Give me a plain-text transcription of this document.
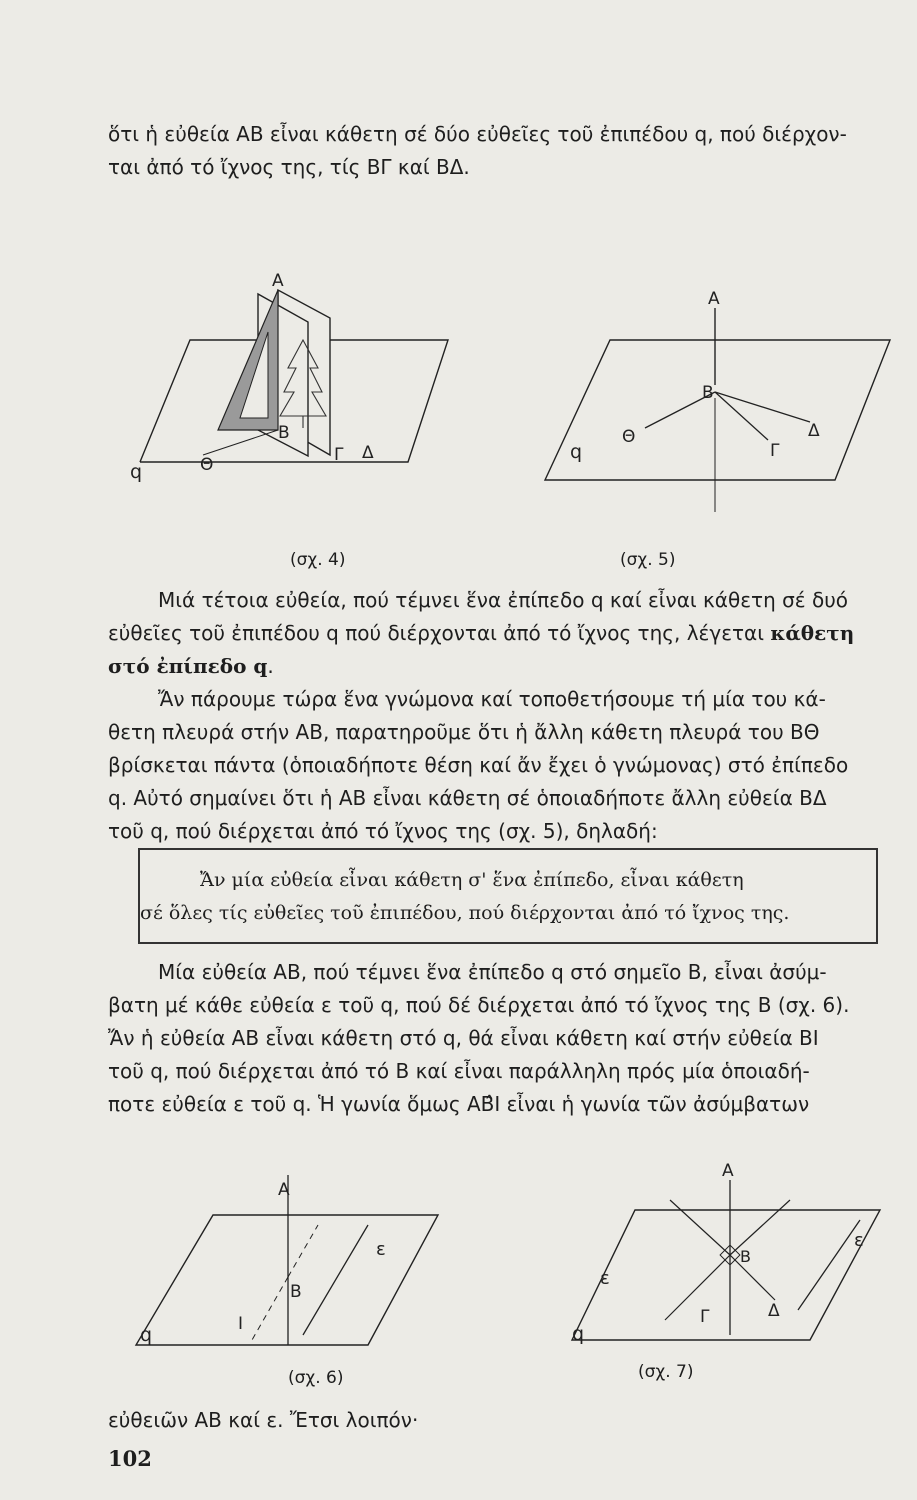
ὅτι ἡ εὐθεία ΑΒ εἶναι κάθετη σέ δύο εὐθεῖες τοῦ ἐπιπέδου q, πού διέρχον-
ται ἀπό τό ἴχνος της, τίς ΒΓ καί ΒΔ.

Α
Β
Γ Δ
Θ
q
(σχ. 4)
Α
Β
Θ
Γ
Δ
q
(σχ. 5)

Μιά τέτοια εὐθεία, πού τέμνει ἕνα ἐπίπεδο q καί εἶναι κάθετη σέ δυό
εὐθεῖες τοῦ ἐπιπέδου q πού διέρχονται ἀπό τό ἴχνος της, λέγεται κάθετη
στό ἐπίπεδο q.

Ἄν πάρουμε τώρα ἕνα γνώμονα καί τοποθετήσουμε τή μία του κά-
θετη πλευρά στήν ΑΒ, παρατηροῦμε ὅτι ἡ ἄλλη κάθετη πλευρά του ΒΘ
βρίσκεται πάντα (ὁποιαδήποτε θέση καί ἄν ἔχει ὁ γνώμονας) στό ἐπίπεδο
q. Αὐτό σημαίνει ὅτι ἡ ΑΒ εἶναι κάθετη σέ ὁποιαδήποτε ἄλλη εὐθεία ΒΔ
τοῦ q, πού διέρχεται ἀπό τό ἴχνος της (σχ. 5), δηλαδή:

Ἄν μία εὐθεία εἶναι κάθετη σ' ἕνα ἐπίπεδο, εἶναι κάθετη

σέ ὅλες τίς εὐθεῖες τοῦ ἐπιπέδου, πού διέρχονται ἀπό τό ἴχνος της.

Μία εὐθεία ΑΒ, πού τέμνει ἕνα ἐπίπεδο q στό σημεῖο Β, εἶναι ἀσύμ-
βατη μέ κάθε εὐθεία ε τοῦ q, πού δέ διέρχεται ἀπό τό ἴχνος της Β (σχ. 6).
Ἄν ἡ εὐθεία ΑΒ εἶναι κάθετη στό q, θά εἶναι κάθετη καί στήν εὐθεία ΒΙ
τοῦ q, πού διέρχεται ἀπό τό Β καί εἶναι παράλληλη πρός μία ὁποιαδή-
ποτε εὐθεία ε τοῦ q. Ἡ γωνία ὅμως ΑΒ̂Ι εἶναι ἡ γωνία τῶν ἀσύμβατων

Α
Β
Ι
ε
q
(σχ. 6)
Α
Β
Γ	Δ
ε
ε
q
(σχ. 7)

εὐθειῶν ΑΒ καί ε. Ἔτσι λοιπόν·

102
